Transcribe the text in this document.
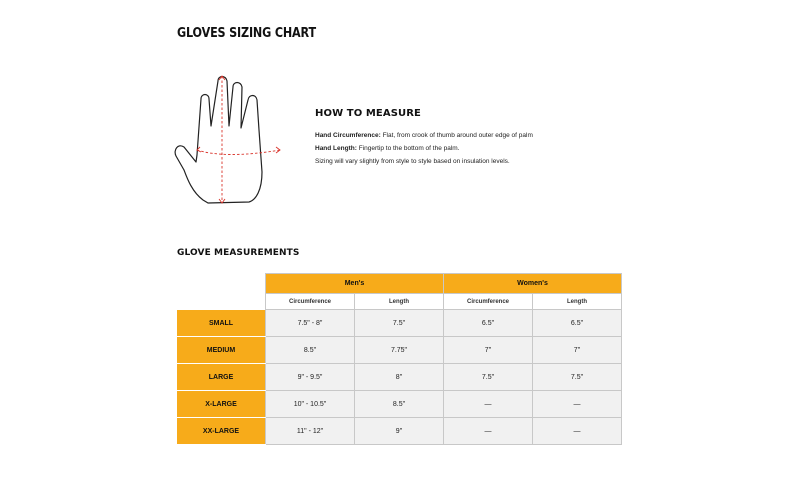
GLOVES SIZING CHART
HOW TO MEASURE
Hand Circumference: Flat, from crook of thumb around outer edge of palm
Hand Length: Fingertip to the bottom of the palm.
Sizing will vary slightly from style to style based on insulation levels.
GLOVE MEASUREMENTS
	Men's		Women's	
	Circumference	Length	Circumference	Length
SMALL	7.5" - 8"	7.5"	6.5"	6.5"
MEDIUM	8.5"	7.75"	7"	7"
LARGE	9" - 9.5"	8"	7.5"	7.5"
X-LARGE	10" - 10.5"	8.5"	—	—
XX-LARGE	11" - 12"	9"	—	—
